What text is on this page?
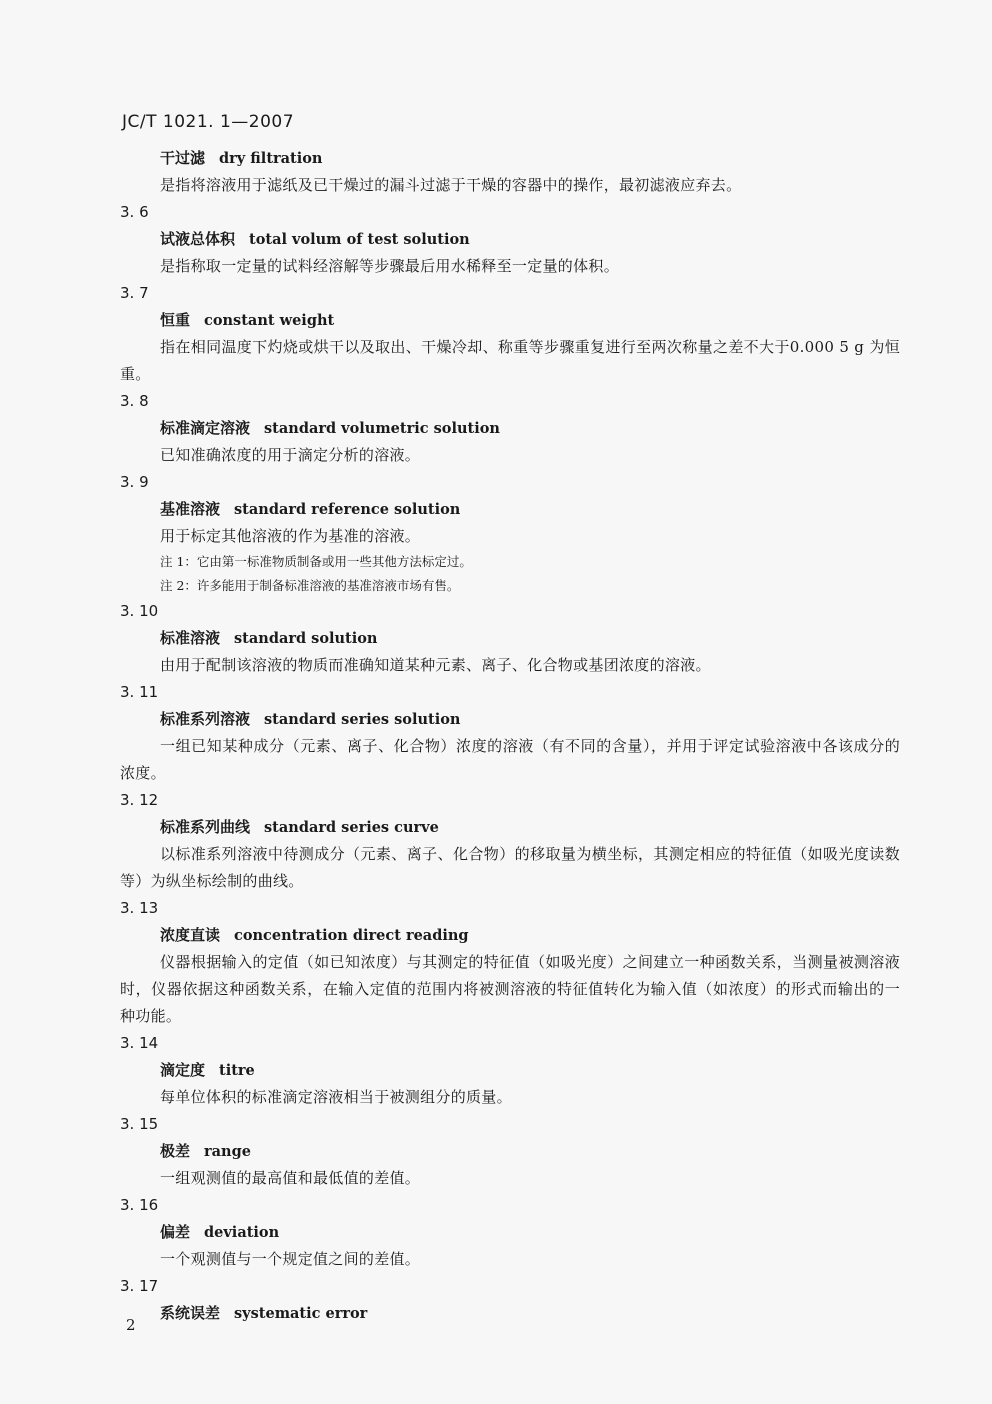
JC/T 1021. 1—2007
干过滤 dry filtration

是指将溶液用于滤纸及已干燥过的漏斗过滤于干燥的容器中的操作，最初滤液应弃去。

3. 6
试液总体积 total volum of test solution

是指称取一定量的试料经溶解等步骤最后用水稀释至一定量的体积。

3. 7
恒重 constant weight

指在相同温度下灼烧或烘干以及取出、干燥冷却、称重等步骤重复进行至两次称量之差不大于0.000 5 g 为恒重。

3. 8
标准滴定溶液 standard volumetric solution

已知准确浓度的用于滴定分析的溶液。

3. 9
基准溶液 standard reference solution

用于标定其他溶液的作为基准的溶液。

注 1：它由第一标准物质制备或用一些其他方法标定过。

注 2：许多能用于制备标准溶液的基准溶液市场有售。

3. 10
标准溶液 standard solution

由用于配制该溶液的物质而准确知道某种元素、离子、化合物或基团浓度的溶液。

3. 11
标准系列溶液 standard series solution

一组已知某种成分（元素、离子、化合物）浓度的溶液（有不同的含量），并用于评定试验溶液中各该成分的浓度。

3. 12
标准系列曲线 standard series curve

以标准系列溶液中待测成分（元素、离子、化合物）的移取量为横坐标，其测定相应的特征值（如吸光度读数等）为纵坐标绘制的曲线。

3. 13
浓度直读 concentration direct reading

仪器根据输入的定值（如已知浓度）与其测定的特征值（如吸光度）之间建立一种函数关系，当测量被测溶液时，仪器依据这种函数关系，在输入定值的范围内将被测溶液的特征值转化为输入值（如浓度）的形式而输出的一种功能。

3. 14
滴定度 titre

每单位体积的标准滴定溶液相当于被测组分的质量。

3. 15
极差 range

一组观测值的最高值和最低值的差值。

3. 16
偏差 deviation

一个观测值与一个规定值之间的差值。

3. 17
系统误差 systematic error
2
